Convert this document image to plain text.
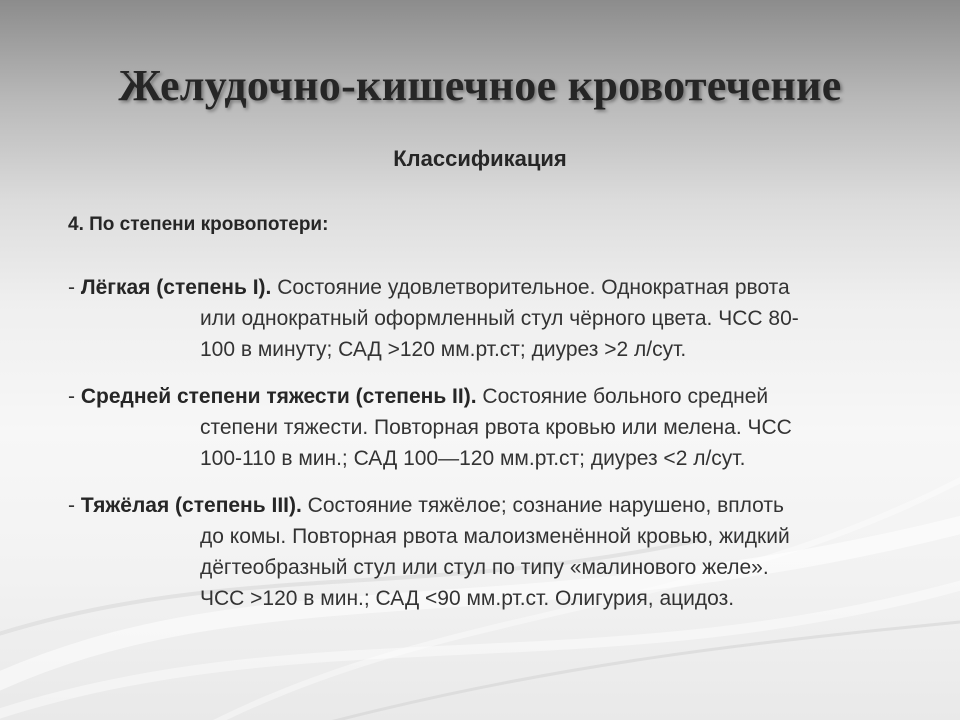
Желудочно-кишечное кровотечение
Классификация
4. По степени кровопотери:
- Лёгкая (степень I). Состояние удовлетворительное. Однократная рвота
или однократный оформленный стул чёрного цвета. ЧСС 80-
100 в минуту; САД >120 мм.рт.ст; диурез >2 л/сут.
- Средней степени тяжести (степень II). Состояние больного средней
степени тяжести. Повторная рвота кровью или мелена. ЧСС
100-110 в мин.; САД 100—120 мм.рт.ст; диурез <2 л/сут.
- Тяжёлая (степень III). Состояние тяжёлое; сознание нарушено, вплоть
до комы. Повторная рвота малоизменённой кровью, жидкий
дёгтеобразный стул или стул по типу «малинового желе».
ЧСС >120 в мин.; САД <90 мм.рт.ст. Олигурия, ацидоз.
